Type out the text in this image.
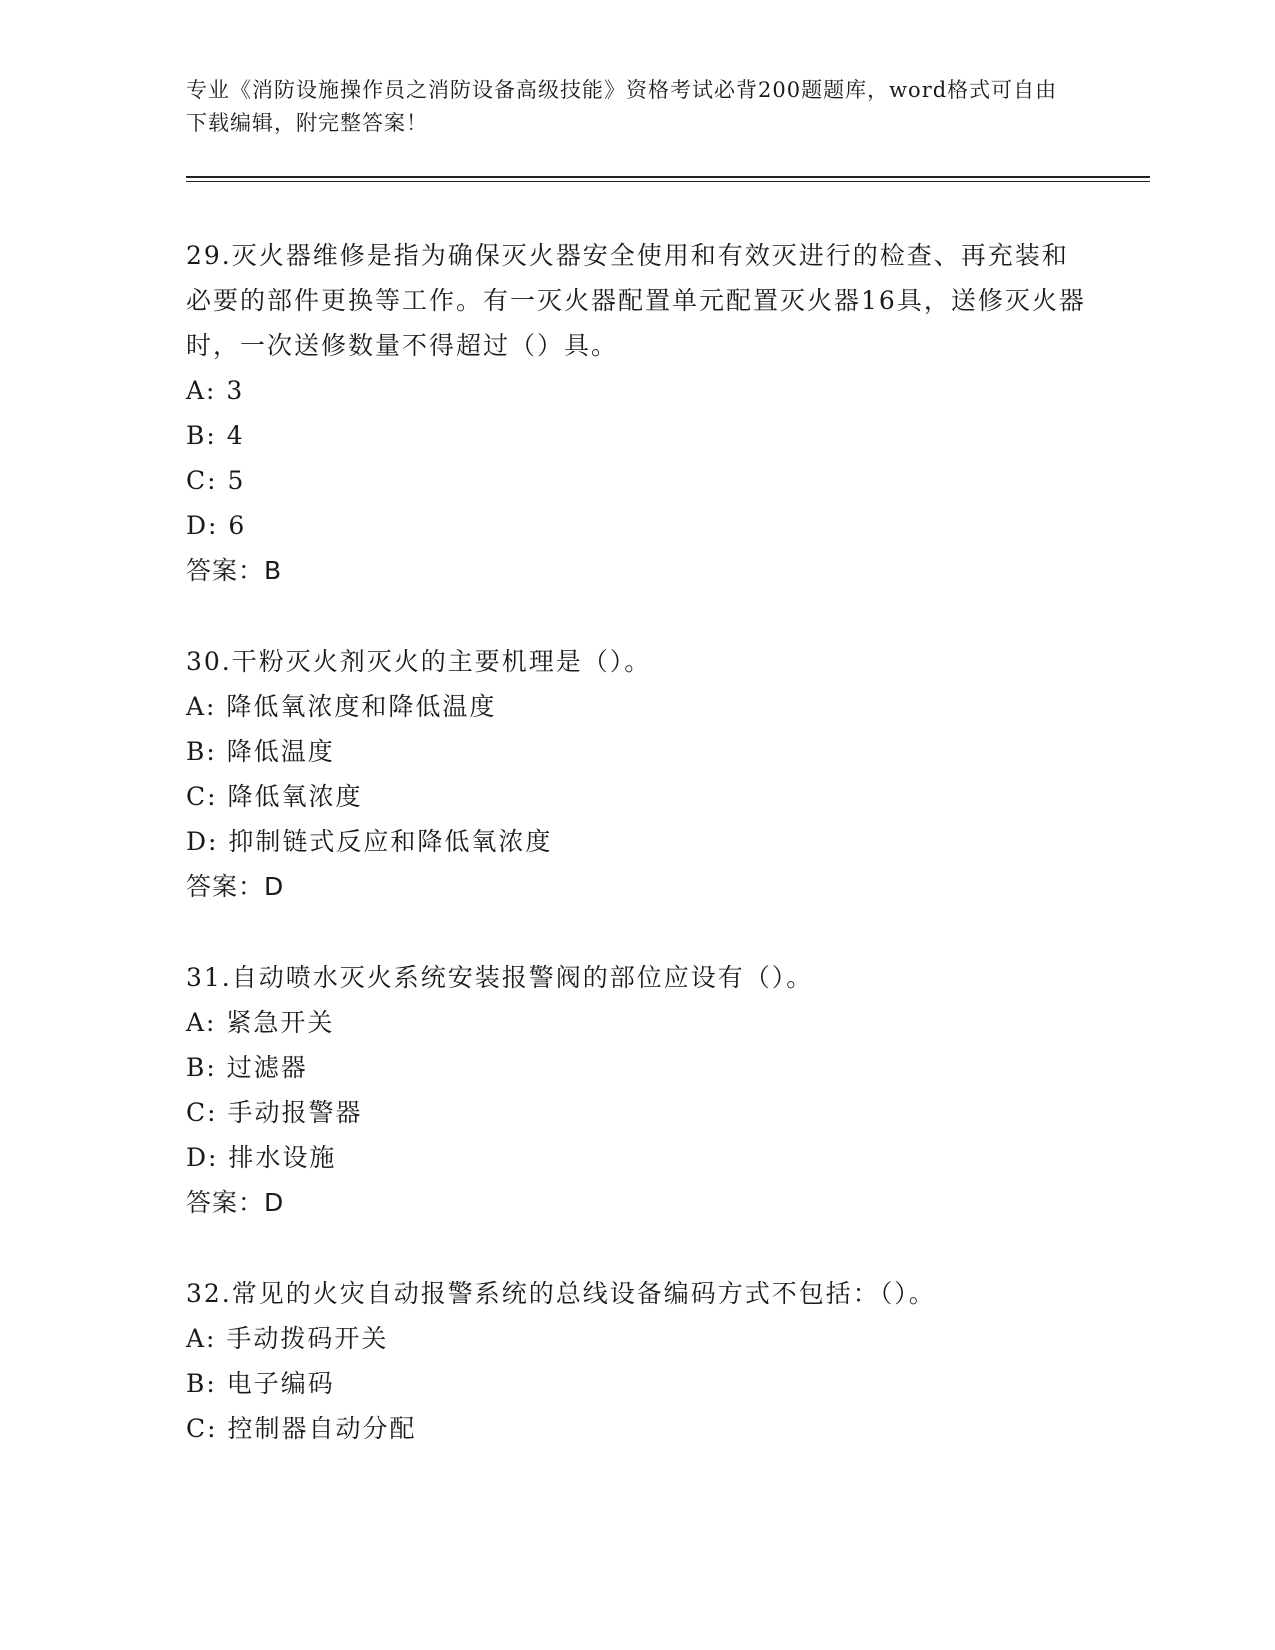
专业《消防设施操作员之消防设备高级技能》资格考试必背200题题库，word格式可自由下载编辑，附完整答案！

29.灭火器维修是指为确保灭火器安全使用和有效灭进行的检查、再充装和必要的部件更换等工作。有一灭火器配置单元配置灭火器16具，送修灭火器时，一次送修数量不得超过（）具。

A: 3

B: 4

C: 5

D: 6

答案：B

30.干粉灭火剂灭火的主要机理是（）。

A: 降低氧浓度和降低温度

B: 降低温度

C: 降低氧浓度

D: 抑制链式反应和降低氧浓度

答案：D

31.自动喷水灭火系统安装报警阀的部位应设有（）。

A: 紧急开关

B: 过滤器

C: 手动报警器

D: 排水设施

答案：D

32.常见的火灾自动报警系统的总线设备编码方式不包括：（）。

A: 手动拨码开关

B: 电子编码

C: 控制器自动分配
